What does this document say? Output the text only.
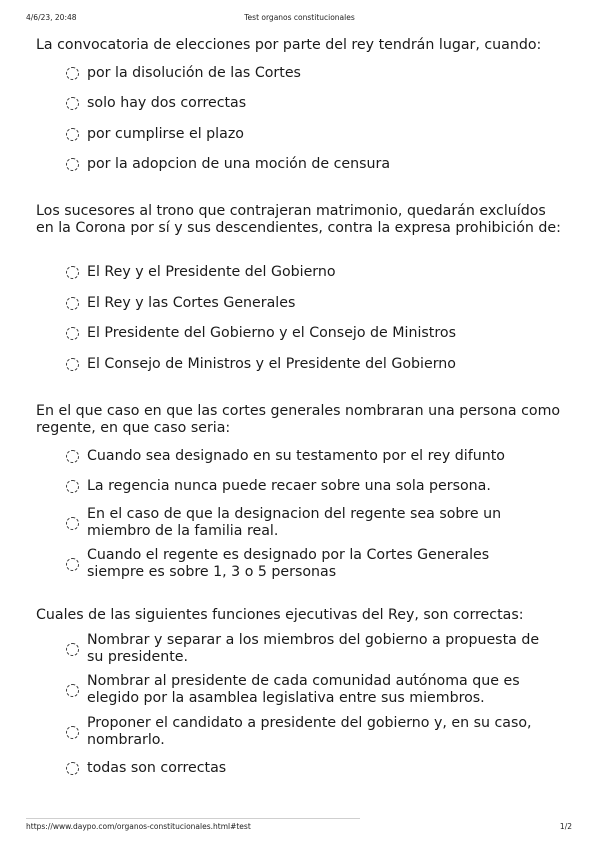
4/6/23, 20:48	Test organos constitucionales
La convocatoria de elecciones por parte del rey tendrán lugar, cuando:
por la disolución de las Cortes
solo hay dos correctas
por cumplirse el plazo
por la adopcion de una moción de censura
Los sucesores al trono que contrajeran matrimonio, quedarán excluídos en la Corona por sí y sus descendientes, contra la expresa prohibición de:
El Rey y el Presidente del Gobierno
El Rey y las Cortes Generales
El Presidente del Gobierno y el Consejo de Ministros
El Consejo de Ministros y el Presidente del Gobierno
En el que caso en que las cortes generales nombraran una persona como regente, en que caso seria:
Cuando sea designado en su testamento por el rey difunto
La regencia nunca puede recaer sobre una sola persona.
En el caso de que la designacion del regente sea sobre un miembro de la familia real.
Cuando el regente es designado por la Cortes Generales siempre es sobre 1, 3 o 5 personas
Cuales de las siguientes funciones ejecutivas del Rey, son correctas:
Nombrar y separar a los miembros del gobierno a propuesta de su presidente.
Nombrar al presidente de cada comunidad autónoma que es elegido por la asamblea legislativa entre sus miembros.
Proponer el candidato a presidente del gobierno y, en su caso, nombrarlo.
todas son correctas
https://www.daypo.com/organos-constitucionales.html#test	1/2
